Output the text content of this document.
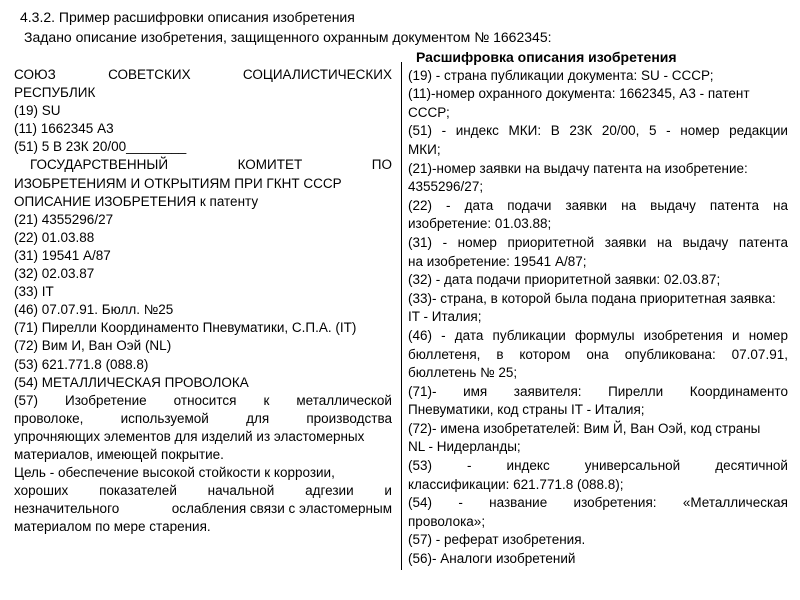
4.3.2. Пример расшифровки описания изобретения
Задано описание изобретения, защищенного охранным документом № 1662345:
СОЮЗ	СОВЕТСКИХ	СОЦИАЛИСТИЧЕСКИХ
РЕСПУБЛИК
(19) SU
(11) 1662345 А3
(51) 5 В 23К 20/00________
ГОСУДАРСТВЕННЫЙ	КОМИТЕТ	ПО
ИЗОБРЕТЕНИЯМ И ОТКРЫТИЯМ ПРИ ГКНТ СССР
ОПИСАНИЕ ИЗОБРЕТЕНИЯ к патенту
(21) 4355296/27
(22) 01.03.88
(31) 19541 А/87
(32) 02.03.87
(33) IT
(46) 07.07.91. Бюлл. №25
(71) Пирелли Координаменто Пневуматики, С.П.А. (IT)
(72) Вим И, Ван Оэй (NL)
(53) 621.771.8 (088.8)
(54) МЕТАЛЛИЧЕСКАЯ ПРОВОЛОКА
(57) Изобретение относится к металлической
проволоке,	используемой	для	производства
упрочняющих элементов для изделий из эластомерных
материалов, имеющей покрытие.
Цель - обеспечение высокой стойкости к коррозии,
хороших показателей начальной адгезии и
незначительного	ослабления связи с эластомерным
материалом по мере старения.
Расшифровка описания изобретения
(19) - страна публикации документа: SU - СССР;
(11)-номер охранного документа: 1662345, А3 - патент
СССР;
(51) - индекс МКИ: В 23К 20/00, 5 - номер редакции
МКИ;
(21)-номер заявки на выдачу патента на изобретение:
4355296/27;
(22) - дата подачи заявки на выдачу патента на
изобретение: 01.03.88;
(31) - номер приоритетной заявки на выдачу патента
на изобретение: 19541 А/87;
(32) - дата подачи приоритетной заявки: 02.03.87;
(33)- страна, в которой была подана приоритетная заявка:
IT - Италия;
(46) - дата публикации формулы изобретения и номер
бюллетеня, в котором она опубликована: 07.07.91,
бюллетень № 25;
(71)- имя заявителя: Пирелли Координаменто
Пневуматики, код страны IT - Италия;
(72)- имена изобретателей: Вим Й, Ван Оэй, код страны
NL - Нидерланды;
(53)	-	индекс	универсальной	десятичной
классификации: 621.771.8 (088.8);
(54) - название изобретения: «Металлическая
проволока»;
(57) - реферат изобретения.
(56)- Аналоги изобретений
